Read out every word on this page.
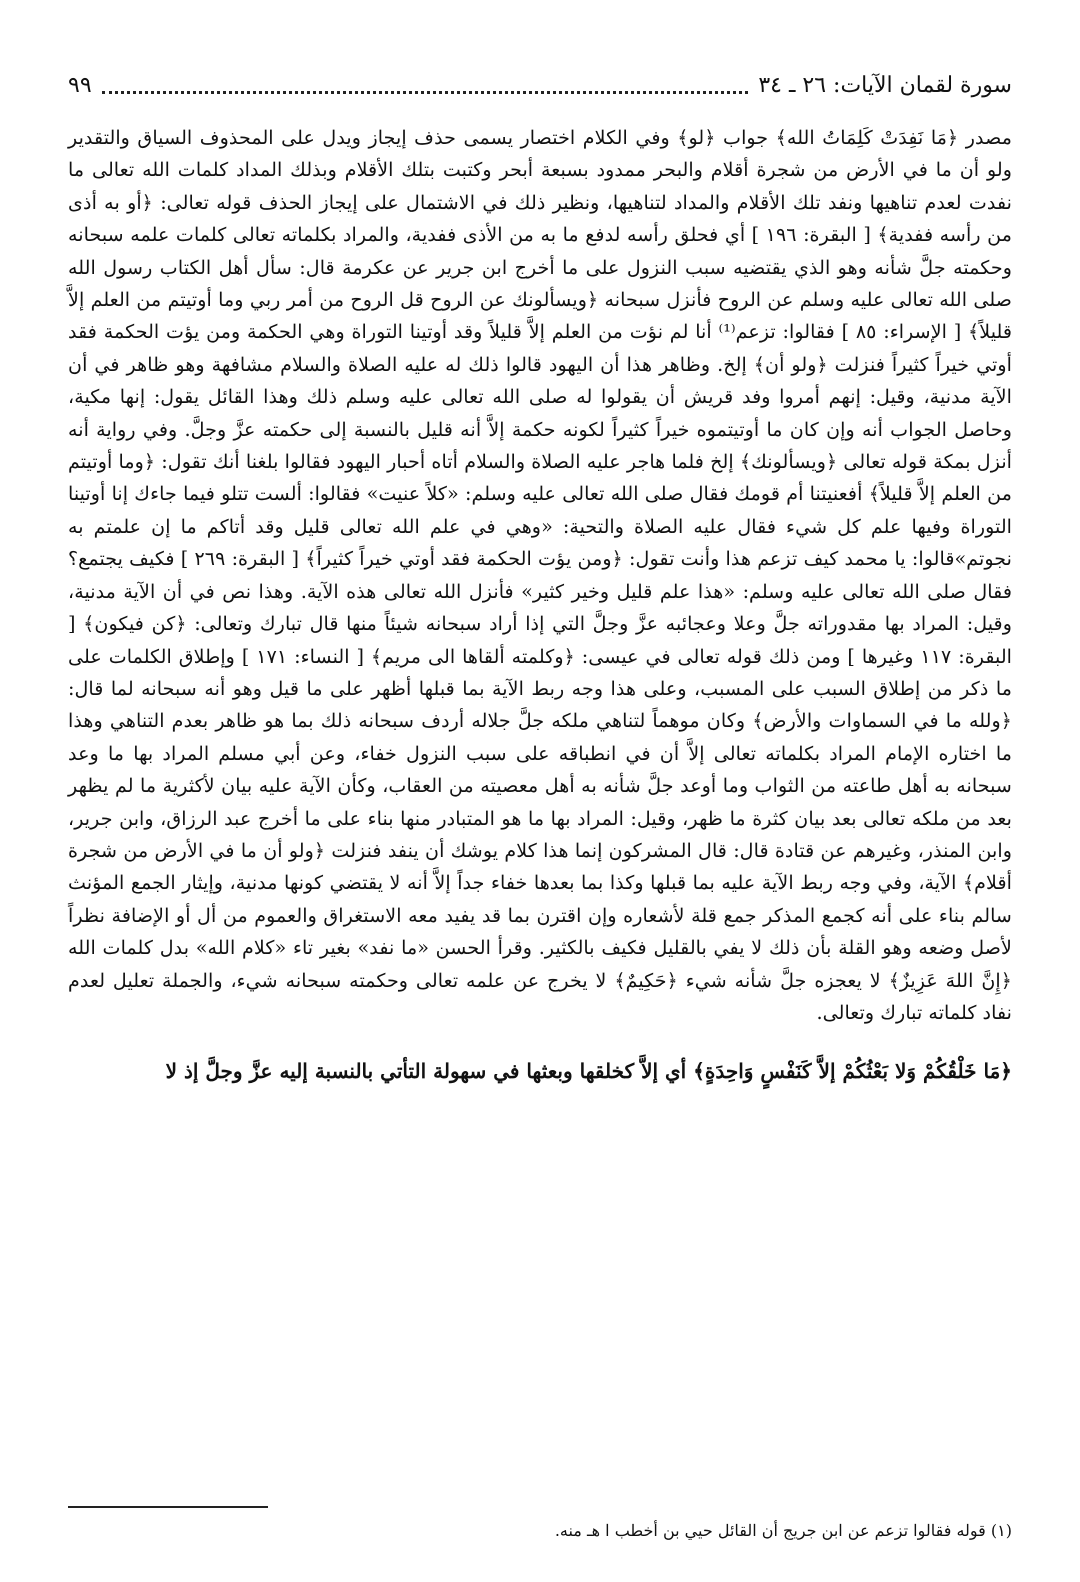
سورة لقمان الآيات: ٢٦ ـ ٣٤
٩٩

مصدر ﴿مَا نَفِدَتْ كَلِمَاتُ الله﴾ جواب ﴿لو﴾ وفي الكلام اختصار يسمى حذف إيجاز ويدل على المحذوف السياق والتقدير ولو أن ما في الأرض من شجرة أقلام والبحر ممدود بسبعة أبحر وكتبت بتلك الأقلام وبذلك المداد كلمات الله تعالى ما نفدت لعدم تناهيها ونفد تلك الأقلام والمداد لتناهيها، ونظير ذلك في الاشتمال على إيجاز الحذف قوله تعالى: ﴿أو به أذى من رأسه ففدية﴾ [ البقرة: ١٩٦ ] أي فحلق رأسه لدفع ما به من الأذى ففدية، والمراد بكلماته تعالى كلمات علمه سبحانه وحكمته جلَّ شأنه وهو الذي يقتضيه سبب النزول على ما أخرج ابن جرير عن عكرمة قال: سأل أهل الكتاب رسول الله صلى الله تعالى عليه وسلم عن الروح فأنزل سبحانه ﴿ويسألونك عن الروح قل الروح من أمر ربي وما أوتيتم من العلم إلاَّ قليلاً﴾ [ الإسراء: ٨٥ ] فقالوا: تزعم⁽¹⁾ أنا لم نؤت من العلم إلاَّ قليلاً وقد أوتينا التوراة وهي الحكمة ومن يؤت الحكمة فقد أوتي خيراً كثيراً فنزلت ﴿ولو أن﴾ إلخ. وظاهر هذا أن اليهود قالوا ذلك له عليه الصلاة والسلام مشافهة وهو ظاهر في أن الآية مدنية، وقيل: إنهم أمروا وفد قريش أن يقولوا له صلى الله تعالى عليه وسلم ذلك وهذا القائل يقول: إنها مكية، وحاصل الجواب أنه وإن كان ما أوتيتموه خيراً كثيراً لكونه حكمة إلاَّ أنه قليل بالنسبة إلى حكمته عزَّ وجلَّ. وفي رواية أنه أنزل بمكة قوله تعالى ﴿ويسألونك﴾ إلخ فلما هاجر عليه الصلاة والسلام أتاه أحبار اليهود فقالوا بلغنا أنك تقول: ﴿وما أوتيتم من العلم إلاَّ قليلاً﴾ أفعنيتنا أم قومك فقال صلى الله تعالى عليه وسلم: «كلاً عنيت» فقالوا: ألست تتلو فيما جاءك إنا أوتينا التوراة وفيها علم كل شيء فقال عليه الصلاة والتحية: «وهي في علم الله تعالى قليل وقد أتاكم ما إن علمتم به نجوتم»قالوا: يا محمد كيف تزعم هذا وأنت تقول: ﴿ومن يؤت الحكمة فقد أوتي خيراً كثيراً﴾ [ البقرة: ٢٦٩ ] فكيف يجتمع؟ فقال صلى الله تعالى عليه وسلم: «هذا علم قليل وخير كثير» فأنزل الله تعالى هذه الآية. وهذا نص في أن الآية مدنية، وقيل: المراد بها مقدوراته جلَّ وعلا وعجائبه عزَّ وجلَّ التي إذا أراد سبحانه شيئاً منها قال تبارك وتعالى: ﴿كن فيكون﴾ [ البقرة: ١١٧ وغيرها ] ومن ذلك قوله تعالى في عيسى: ﴿وكلمته ألقاها الى مريم﴾ [ النساء: ١٧١ ] وإطلاق الكلمات على ما ذكر من إطلاق السبب على المسبب، وعلى هذا وجه ربط الآية بما قبلها أظهر على ما قيل وهو أنه سبحانه لما قال: ﴿ولله ما في السماوات والأرض﴾ وكان موهماً لتناهي ملكه جلَّ جلاله أردف سبحانه ذلك بما هو ظاهر بعدم التناهي وهذا ما اختاره الإمام المراد بكلماته تعالى إلاَّ أن في انطباقه على سبب النزول خفاء، وعن أبي مسلم المراد بها ما وعد سبحانه به أهل طاعته من الثواب وما أوعد جلَّ شأنه به أهل معصيته من العقاب، وكأن الآية عليه بيان لأكثرية ما لم يظهر بعد من ملكه تعالى بعد بيان كثرة ما ظهر، وقيل: المراد بها ما هو المتبادر منها بناء على ما أخرج عبد الرزاق، وابن جرير، وابن المنذر، وغيرهم عن قتادة قال: قال المشركون إنما هذا كلام يوشك أن ينفد فنزلت ﴿ولو أن ما في الأرض من شجرة أقلام﴾ الآية، وفي وجه ربط الآية عليه بما قبلها وكذا بما بعدها خفاء جداً إلاَّ أنه لا يقتضي كونها مدنية، وإيثار الجمع المؤنث سالم بناء على أنه كجمع المذكر جمع قلة لأشعاره وإن اقترن بما قد يفيد معه الاستغراق والعموم من أل أو الإضافة نظراً لأصل وضعه وهو القلة بأن ذلك لا يفي بالقليل فكيف بالكثير. وقرأ الحسن «ما نفد» بغير تاء «كلام الله» بدل كلمات الله ﴿إِنَّ اللهَ عَزِيزٌ﴾ لا يعجزه جلَّ شأنه شيء ﴿حَكِيمٌ﴾ لا يخرج عن علمه تعالى وحكمته سبحانه شيء، والجملة تعليل لعدم نفاد كلماته تبارك وتعالى.

﴿مَا خَلْقُكُمْ وَلا بَعْثُكُمْ إلاَّ كَنَفْسٍ وَاحِدَةٍ﴾ أي إلاَّ كخلقها وبعثها في سهولة التأتي بالنسبة إليه عزَّ وجلَّ إذ لا

(١) قوله فقالوا تزعم عن ابن جريج أن القائل حيي بن أخطب ا هـ منه.
